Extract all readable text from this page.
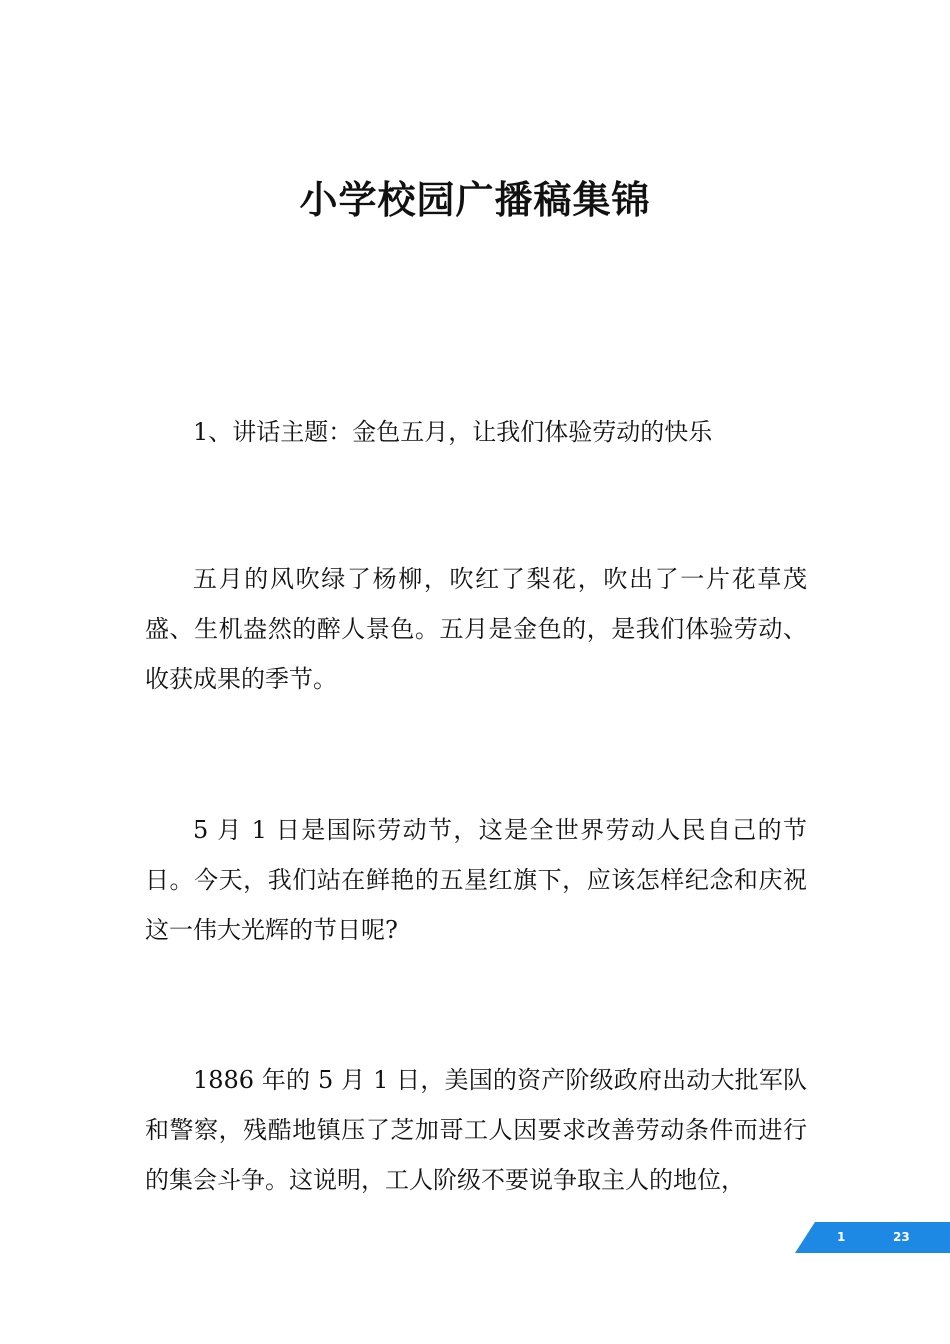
小学校园广播稿集锦

1、讲话主题：金色五月，让我们体验劳动的快乐

五月的风吹绿了杨柳，吹红了梨花，吹出了一片花草茂盛、生机盎然的醉人景色。五月是金色的，是我们体验劳动、收获成果的季节。

5 月 1 日是国际劳动节，这是全世界劳动人民自己的节日。今天，我们站在鲜艳的五星红旗下，应该怎样纪念和庆祝这一伟大光辉的节日呢?

1886 年的 5 月 1 日，美国的资产阶级政府出动大批军队和警察，残酷地镇压了芝加哥工人因要求改善劳动条件而进行的集会斗争。这说明，工人阶级不要说争取主人的地位，

1	23
